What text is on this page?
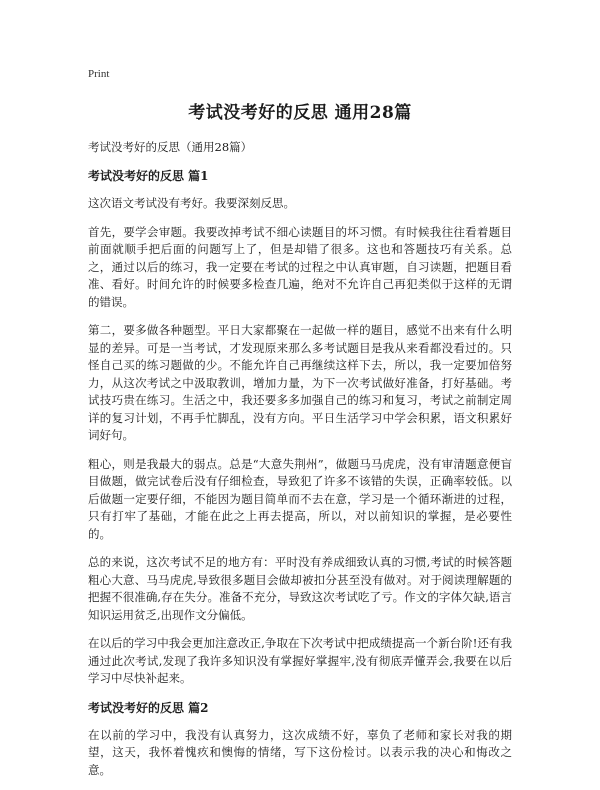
Print
考试没考好的反思 通用28篇
考试没考好的反思（通用28篇）
考试没考好的反思 篇1

这次语文考试没有考好。我要深刻反思。

首先，要学会审题。我要改掉考试不细心读题目的坏习惯。有时候我往往看着题目前面就顺手把后面的问题写上了，但是却错了很多。这也和答题技巧有关系。总之，通过以后的练习，我一定要在考试的过程之中认真审题，自习读题，把题目看准、看好。时间允许的时候要多检查几遍，绝对不允许自己再犯类似于这样的无谓的错误。

第二，要多做各种题型。平日大家都聚在一起做一样的题目，感觉不出来有什么明显的差异。可是一当考试，才发现原来那么多考试题目是我从来看都没看过的。只怪自己买的练习题做的少。不能允许自己再继续这样下去，所以，我一定要加倍努力，从这次考试之中汲取教训，增加力量，为下一次考试做好准备，打好基础。考试技巧贵在练习。生活之中，我还要多多加强自己的练习和复习，考试之前制定周详的复习计划，不再手忙脚乱，没有方向。平日生活学习中学会积累，语文积累好词好句。

粗心，则是我最大的弱点。总是“大意失荆州”，做题马马虎虎，没有审清题意便盲目做题，做完试卷后没有仔细检查，导致犯了许多不该错的失误，正确率较低。以后做题一定要仔细，不能因为题目简单而不去在意，学习是一个循环渐进的过程，只有打牢了基础，才能在此之上再去提高，所以，对以前知识的掌握，是必要性的。

总的来说，这次考试不足的地方有：平时没有养成细致认真的习惯,考试的时候答题粗心大意、马马虎虎,导致很多题目会做却被扣分甚至没有做对。对于阅读理解题的把握不很准确,存在失分。准备不充分，导致这次考试吃了亏。作文的字体欠缺,语言知识运用贫乏,出现作文分偏低。

在以后的学习中我会更加注意改正,争取在下次考试中把成绩提高一个新台阶!还有我通过此次考试,发现了我许多知识没有掌握好掌握牢,没有彻底弄懂弄会,我要在以后学习中尽快补起来。

考试没考好的反思 篇2

在以前的学习中，我没有认真努力，这次成绩不好，辜负了老师和家长对我的期望，这天，我怀着愧疚和懊悔的情绪，写下这份检讨。以表示我的决心和悔改之意。
